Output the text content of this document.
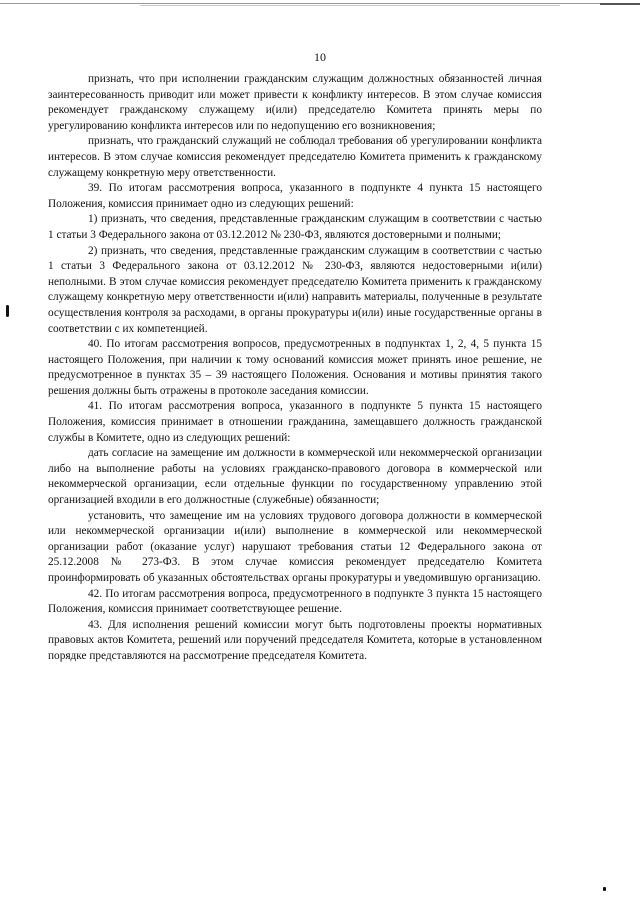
10

признать, что при исполнении гражданским служащим должностных обязанностей личная заинтересованность приводит или может привести к конфликту интересов. В этом случае комиссия рекомендует гражданскому служащему и(или) председателю Комитета принять меры по урегулированию конфликта интересов или по недопущению его возникновения;

признать, что гражданский служащий не соблюдал требования об урегулировании конфликта интересов. В этом случае комиссия рекомендует председателю Комитета применить к гражданскому служащему конкретную меру ответственности.

39. По итогам рассмотрения вопроса, указанного в подпункте 4 пункта 15 настоящего Положения, комиссия принимает одно из следующих решений:

1) признать, что сведения, представленные гражданским служащим в соответствии с частью 1 статьи 3 Федерального закона от 03.12.2012 № 230-ФЗ, являются достоверными и полными;

2) признать, что сведения, представленные гражданским служащим в соответствии с частью 1 статьи 3 Федерального закона от 03.12.2012 № 230-ФЗ, являются недостоверными и(или) неполными. В этом случае комиссия рекомендует председателю Комитета применить к гражданскому служащему конкретную меру ответственности и(или) направить материалы, полученные в результате осуществления контроля за расходами, в органы прокуратуры и(или) иные государственные органы в соответствии с их компетенцией.

40. По итогам рассмотрения вопросов, предусмотренных в подпунктах 1, 2, 4, 5 пункта 15 настоящего Положения, при наличии к тому оснований комиссия может принять иное решение, не предусмотренное в пунктах 35 – 39 настоящего Положения. Основания и мотивы принятия такого решения должны быть отражены в протоколе заседания комиссии.

41. По итогам рассмотрения вопроса, указанного в подпункте 5 пункта 15 настоящего Положения, комиссия принимает в отношении гражданина, замещавшего должность гражданской службы в Комитете, одно из следующих решений:

дать согласие на замещение им должности в коммерческой или некоммерческой организации либо на выполнение работы на условиях гражданско-правового договора в коммерческой или некоммерческой организации, если отдельные функции по государственному управлению этой организацией входили в его должностные (служебные) обязанности;

установить, что замещение им на условиях трудового договора должности в коммерческой или некоммерческой организации и(или) выполнение в коммерческой или некоммерческой организации работ (оказание услуг) нарушают требования статьи 12 Федерального закона от 25.12.2008 № 273-ФЗ. В этом случае комиссия рекомендует председателю Комитета проинформировать об указанных обстоятельствах органы прокуратуры и уведомившую организацию.

42. По итогам рассмотрения вопроса, предусмотренного в подпункте 3 пункта 15 настоящего Положения, комиссия принимает соответствующее решение.

43. Для исполнения решений комиссии могут быть подготовлены проекты нормативных правовых актов Комитета, решений или поручений председателя Комитета, которые в установленном порядке представляются на рассмотрение председателя Комитета.
